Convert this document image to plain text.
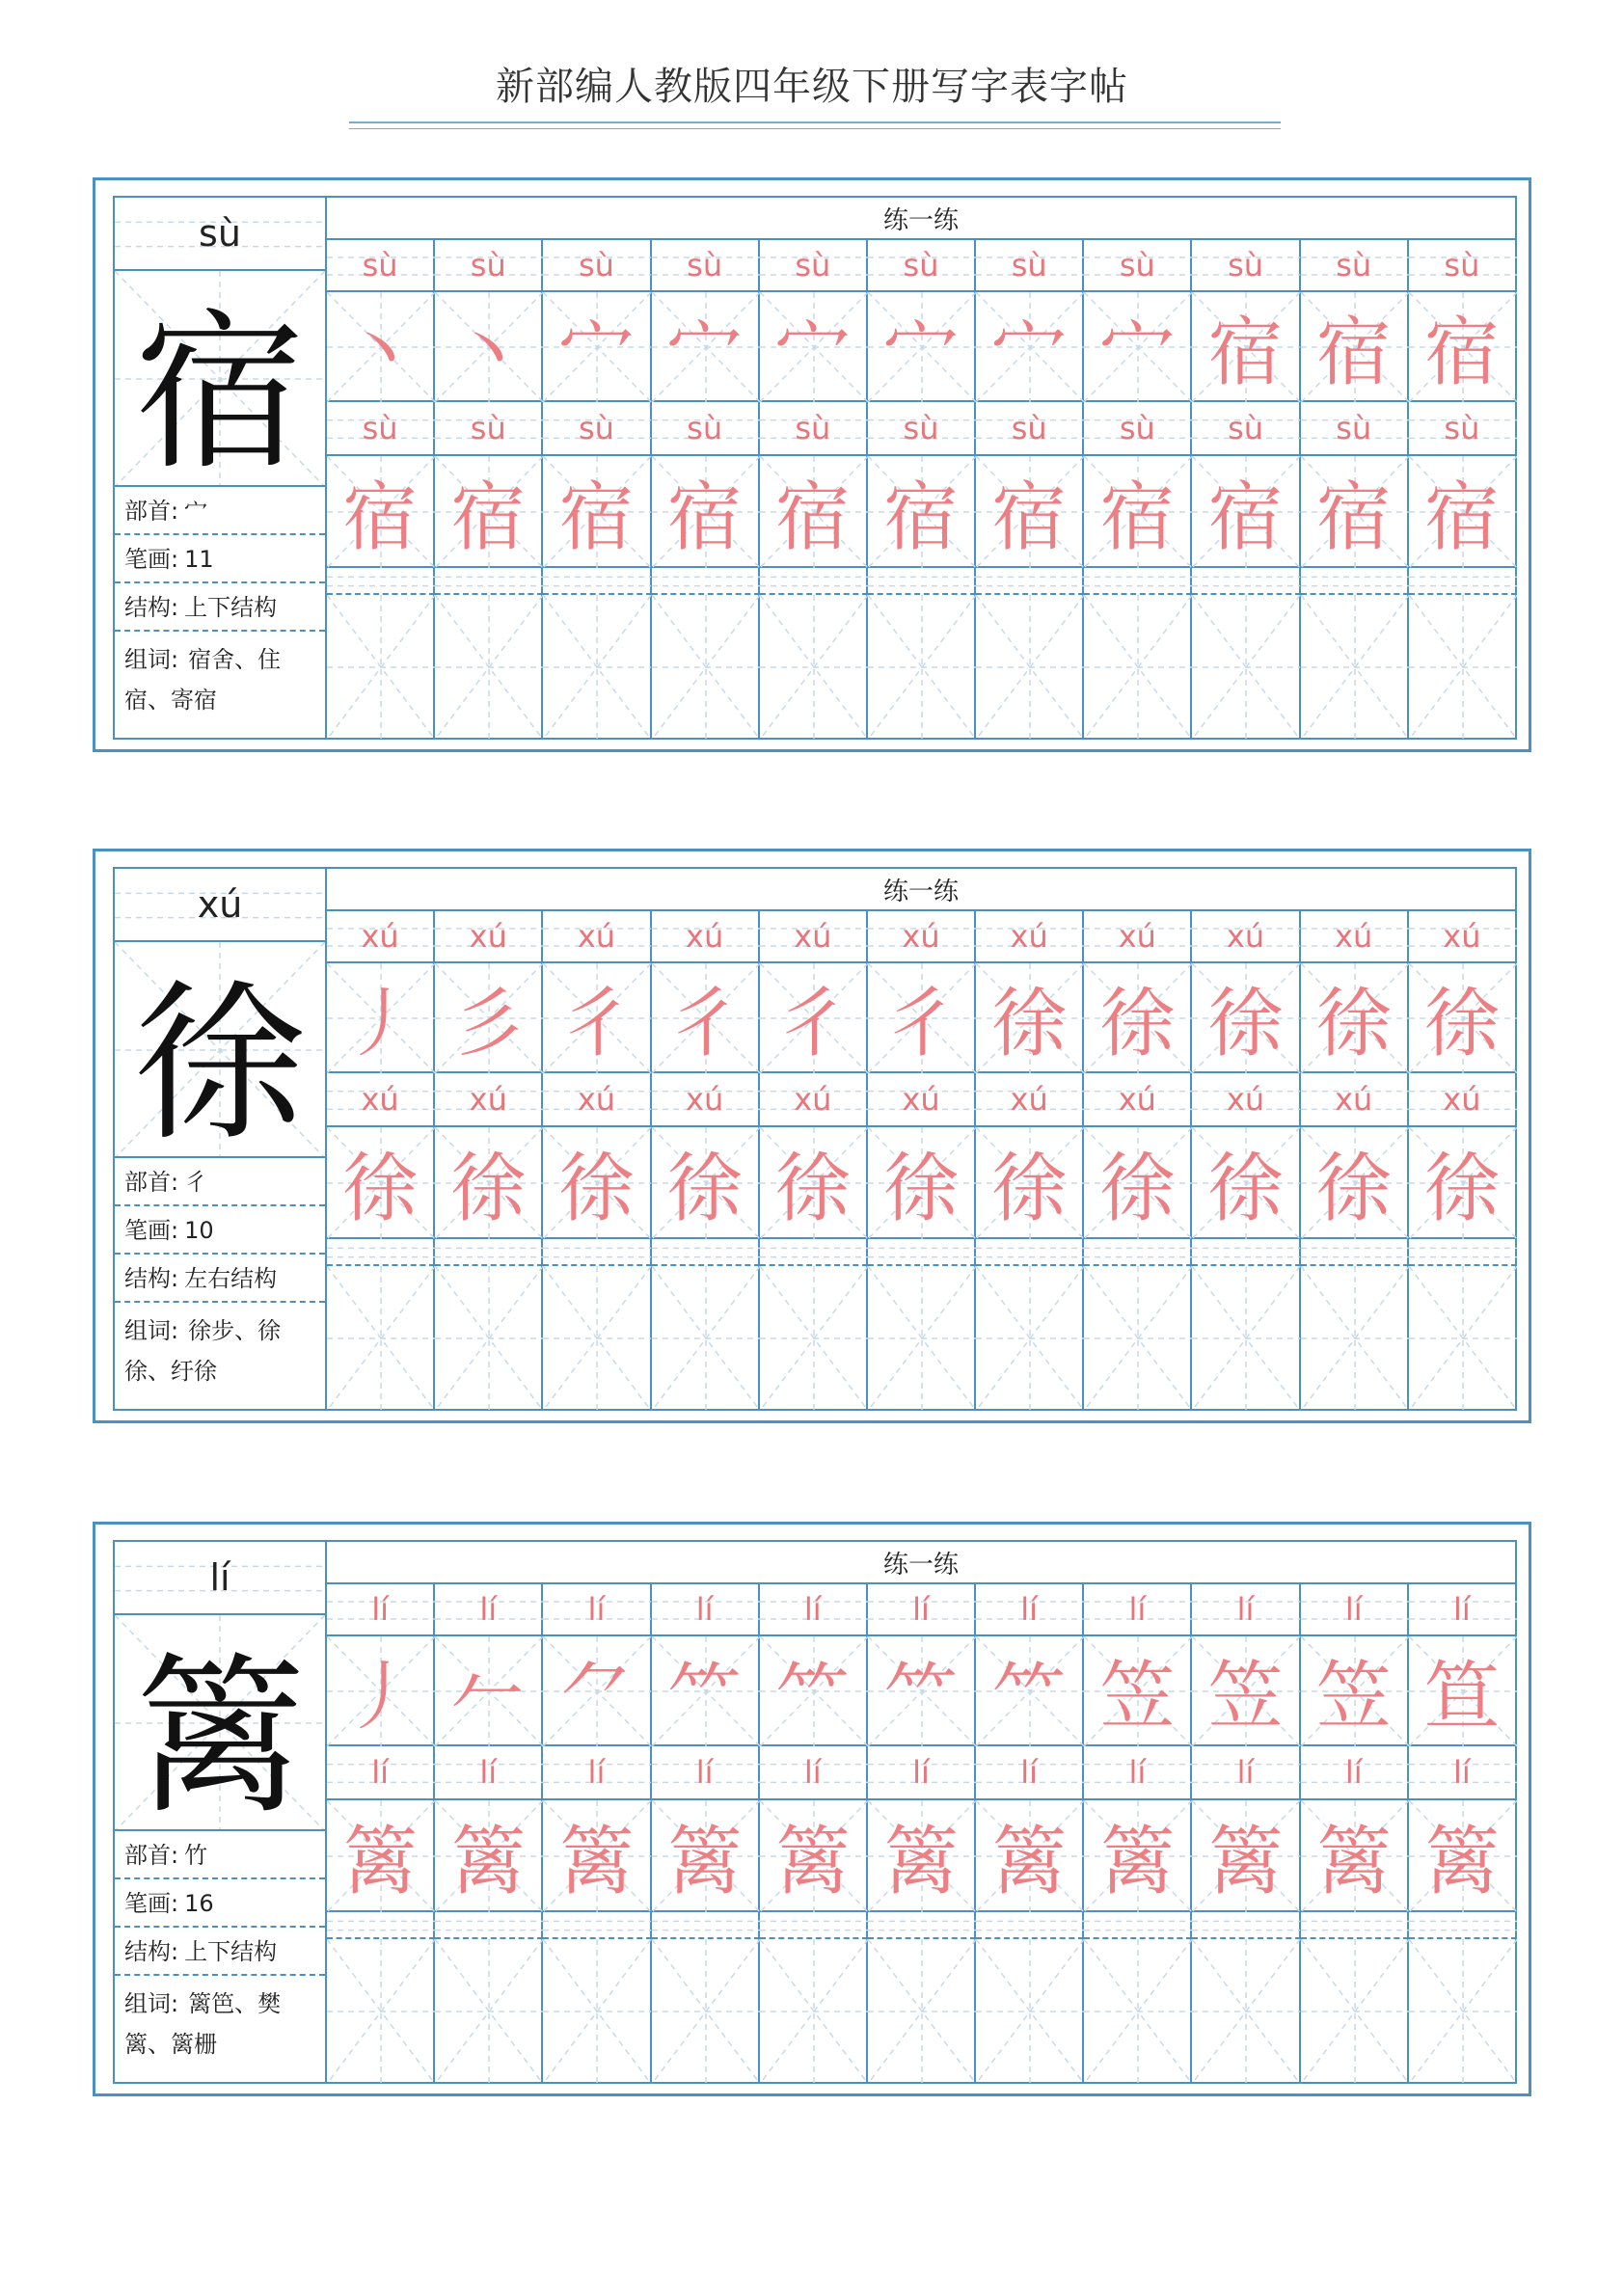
新部编人教版四年级下册写字表字帖
sù
宿
部首: 宀
笔画: 11
结构: 上下结构
组词: 宿舍、住宿、寄宿
练一练
sù sù sù sù sù sù sù sù sù sù sù
丶 丶 宀 宀 宀 宀 宀 宀 宿 宿 宿
sù sù sù sù sù sù sù sù sù sù sù
宿 宿 宿 宿 宿 宿 宿 宿 宿 宿 宿
xú
徐
部首: 彳
笔画: 10
结构: 左右结构
组词: 徐步、徐徐、纡徐
练一练
xú xú xú xú xú xú xú xú xú xú xú
丿 彡 彳 彳 彳 彳 徐 徐 徐 徐 徐
xú xú xú xú xú xú xú xú xú xú xú
徐 徐 徐 徐 徐 徐 徐 徐 徐 徐 徐
lí
篱
部首: 竹
笔画: 16
结构: 上下结构
组词: 篱笆、樊篱、篱栅
练一练
lí	lí	lí	lí	lí	lí	lí	lí	lí	lí	lí
丿 𠂉 ⺈ ⺮ ⺮ ⺮ ⺮ 笠 笠 笠 笪
lí	lí	lí	lí	lí	lí	lí	lí	lí	lí	lí
篱 篱 篱 篱 篱 篱 篱 篱 篱 篱 篱
